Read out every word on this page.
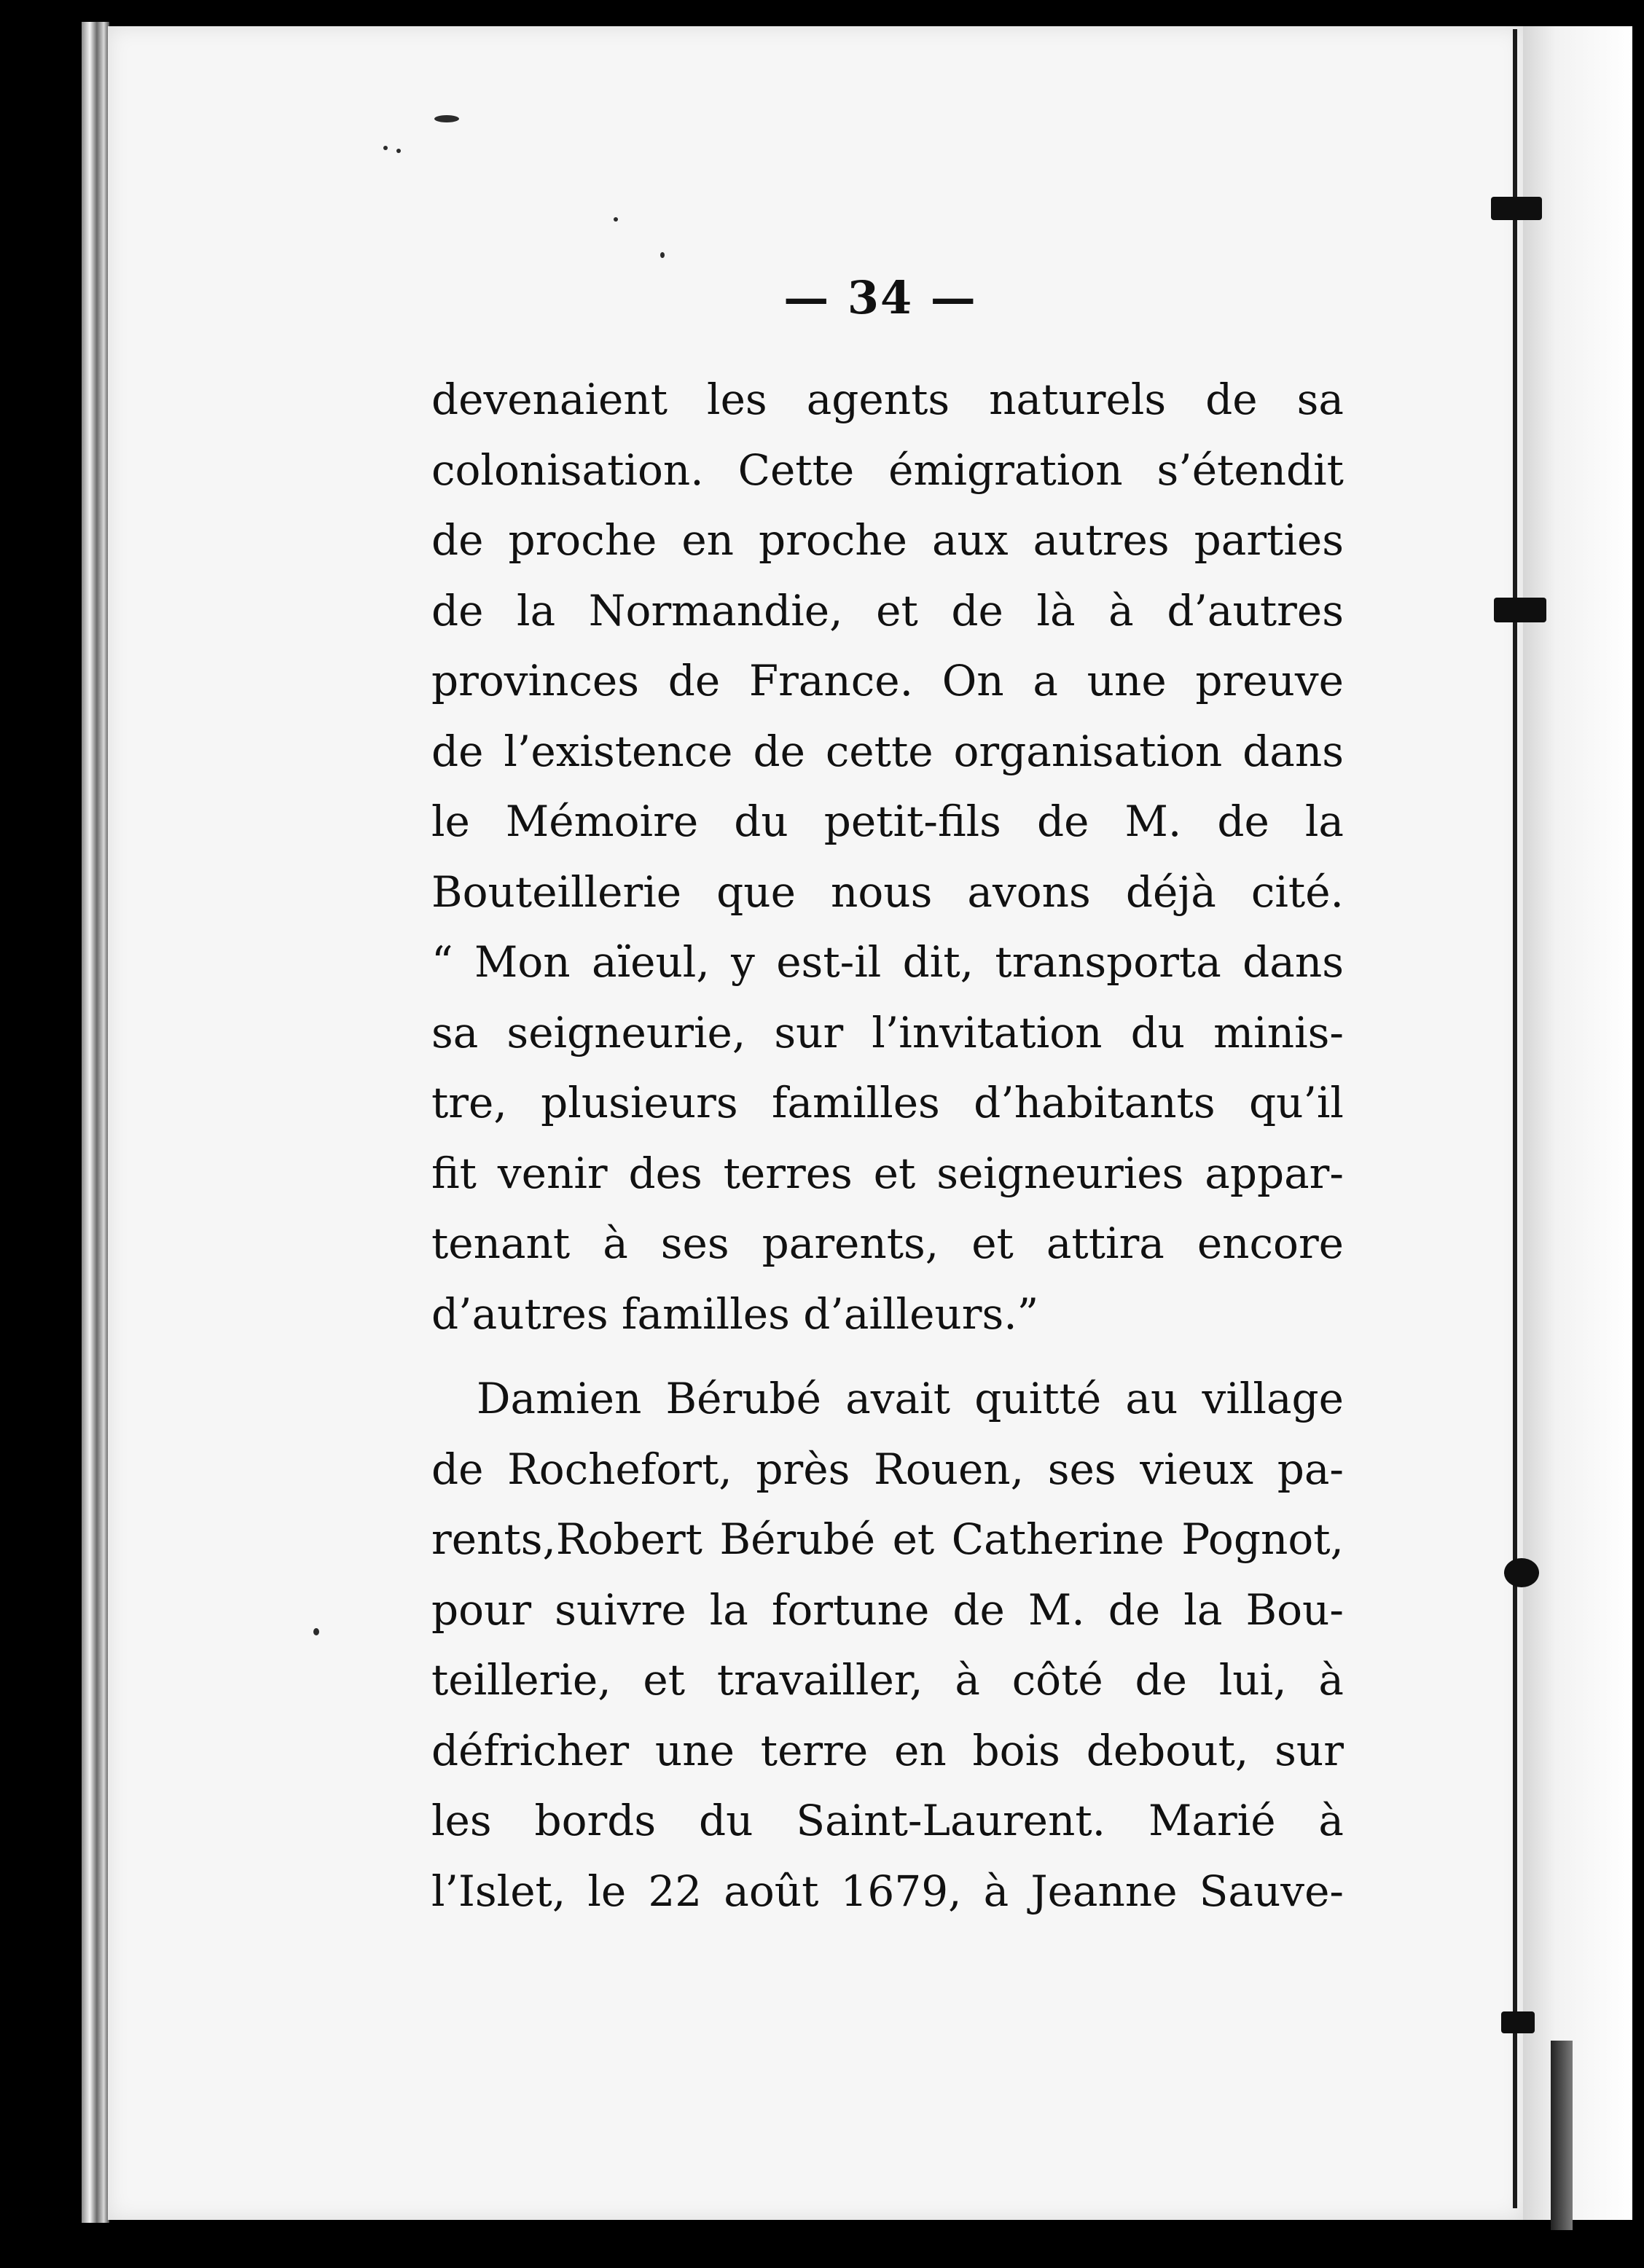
— 34 —
devenaient les agents naturels de sa
colonisation. Cette émigration s’étendit
de proche en proche aux autres parties
de la Normandie, et de là à d’autres
provinces de France. On a une preuve
de l’existence de cette organisation dans
le Mémoire du petit-fils de M. de la
Bouteillerie que nous avons déjà cité.
“ Mon aïeul, y est-il dit, transporta dans
sa seigneurie, sur l’invitation du minis-
tre, plusieurs familles d’habitants qu’il
fit venir des terres et seigneuries appar-
tenant à ses parents, et attira encore
d’autres familles d’ailleurs.”
Damien Bérubé avait quitté au village
de Rochefort, près Rouen, ses vieux pa-
rents,Robert Bérubé et Catherine Pognot,
pour suivre la fortune de M. de la Bou-
teillerie, et travailler, à côté de lui, à
défricher une terre en bois debout, sur
les bords du Saint-Laurent. Marié à
l’Islet, le 22 août 1679, à Jeanne Sauve-
